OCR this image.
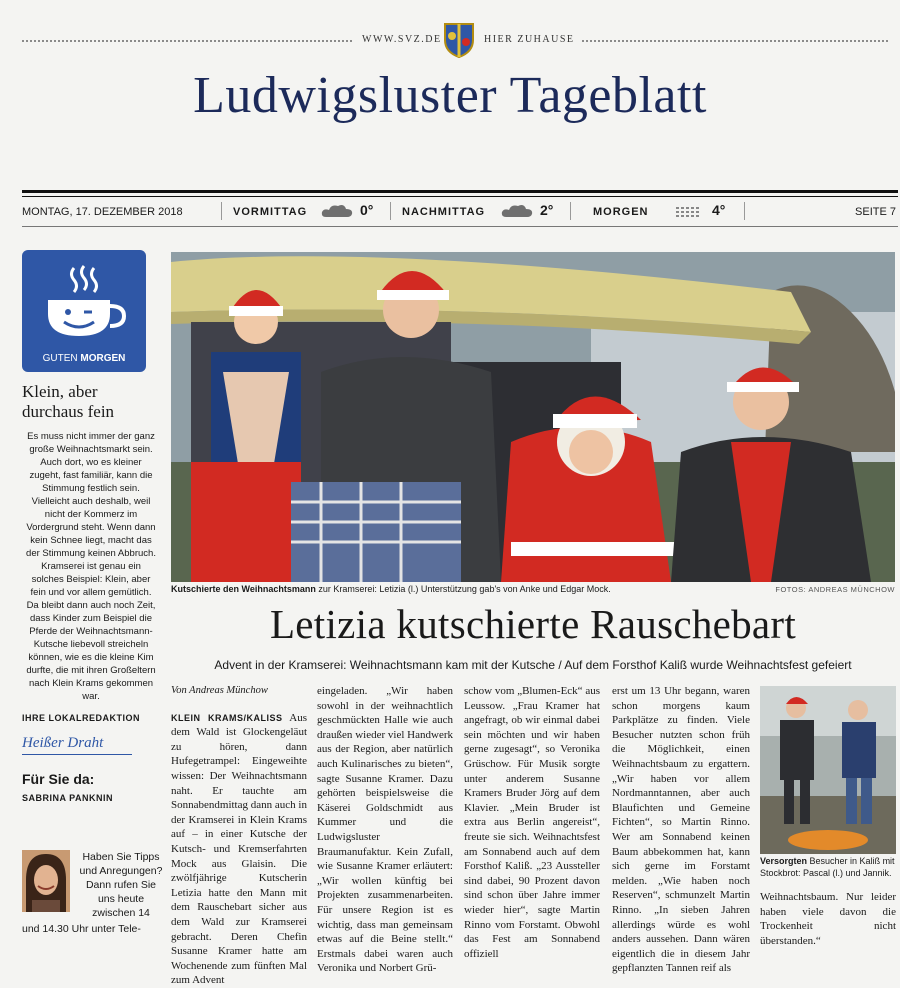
WWW.SVZ.DE	HIER ZUHAUSE
Ludwigsluster Tageblatt
MONTAG, 17. DEZEMBER 2018	VORMITTAG	0°	NACHMITTAG	2°	MORGEN	4°	SEITE 7
GUTEN MORGEN
Klein, aber durchaus fein
Es muss nicht immer der ganz große Weihnachtsmarkt sein. Auch dort, wo es kleiner zugeht, fast familiär, kann die Stimmung festlich sein. Vielleicht auch deshalb, weil nicht der Kommerz im Vordergrund steht. Wenn dann kein Schnee liegt, macht das der Stimmung keinen Abbruch. Kramserei ist genau ein solches Beispiel: Klein, aber fein und vor allem gemütlich. Da bleibt dann auch noch Zeit, dass Kinder zum Beispiel die Pferde der Weihnachtsmann-Kutsche liebevoll streicheln können, wie es die kleine Kim durfte, die mit ihren Großeltern nach Klein Krams gekommen war.
IHRE LOKALREDAKTION
Heißer Draht
Für Sie da:
SABRINA PANKNIN
Haben Sie Tipps und Anregungen? Dann rufen Sie uns heute zwischen 14
und 14.30 Uhr unter Tele-
Kutschierte den Weihnachtsmann zur Kramserei: Letizia (l.) Unterstützung gab's von Anke und Edgar Mock.	FOTOS: ANDREAS MÜNCHOW
Letizia kutschierte Rauschebart
Advent in der Kramserei: Weihnachtsmann kam mit der Kutsche / Auf dem Forsthof Kaliß wurde Weihnachtsfest gefeiert
Von Andreas Münchow
KLEIN KRAMS/KALISS Aus dem Wald ist Glockengeläut zu hören, dann Hufegetrampel: Eingeweihte wissen: Der Weihnachtsmann naht. Er tauchte am Sonnabendmittag dann auch in der Kramserei in Klein Krams auf – in einer Kutsche der Kutsch- und Kremserfahrten Mock aus Glaisin. Die zwölfjährige Kutscherin Letizia hatte den Mann mit dem Rauschebart sicher aus dem Wald zur Kramserei gebracht. Deren Chefin Susanne Kramer hatte am Wochenende zum fünften Mal zum Advent
eingeladen. „Wir haben sowohl in der weihnachtlich geschmückten Halle wie auch draußen wieder viel Handwerk aus der Region, aber natürlich auch Kulinarisches zu bieten“, sagte Susanne Kramer. Dazu gehörten beispielsweise die Käserei Goldschmidt aus Kummer und die Ludwigsluster Braumanufaktur. Kein Zufall, wie Susanne Kramer erläutert: „Wir wollen künftig bei Projekten zusammenarbeiten. Für unsere Region ist es wichtig, dass man gemeinsam etwas auf die Beine stellt.“ Erstmals dabei waren auch Veronika und Norbert Grü-
schow vom „Blumen-Eck“ aus Leussow. „Frau Kramer hat angefragt, ob wir einmal dabei sein möchten und wir haben gerne zugesagt“, so Veronika Grüschow. Für Musik sorgte unter anderem Susanne Kramers Bruder Jörg auf dem Klavier. „Mein Bruder ist extra aus Berlin angereist“, freute sie sich. Weihnachtsfest am Sonnabend auch auf dem Forsthof Kaliß. „23 Aussteller sind dabei, 90 Prozent davon sind schon über Jahre immer wieder hier“, sagte Martin Rinno vom Forstamt. Obwohl das Fest am Sonnabend offiziell
erst um 13 Uhr begann, waren schon morgens kaum Parkplätze zu finden. Viele Besucher nutzten schon früh die Möglichkeit, einen Weihnachtsbaum zu ergattern. „Wir haben vor allem Nordmanntannen, aber auch Blaufichten und Gemeine Fichten“, so Martin Rinno. Wer am Sonnabend keinen Baum abbekommen hat, kann sich gerne im Forstamt melden. „Wie haben noch Reserven“, schmunzelt Martin Rinno. „In sieben Jahren allerdings würde es wohl anders aussehen. Dann wären eigentlich die in diesem Jahr gepflanzten Tannen reif als
Versorgten Besucher in Kaliß mit Stockbrot: Pascal (l.) und Jannik.
Weihnachtsbaum. Nur leider haben viele davon die Trockenheit nicht überstanden.“
